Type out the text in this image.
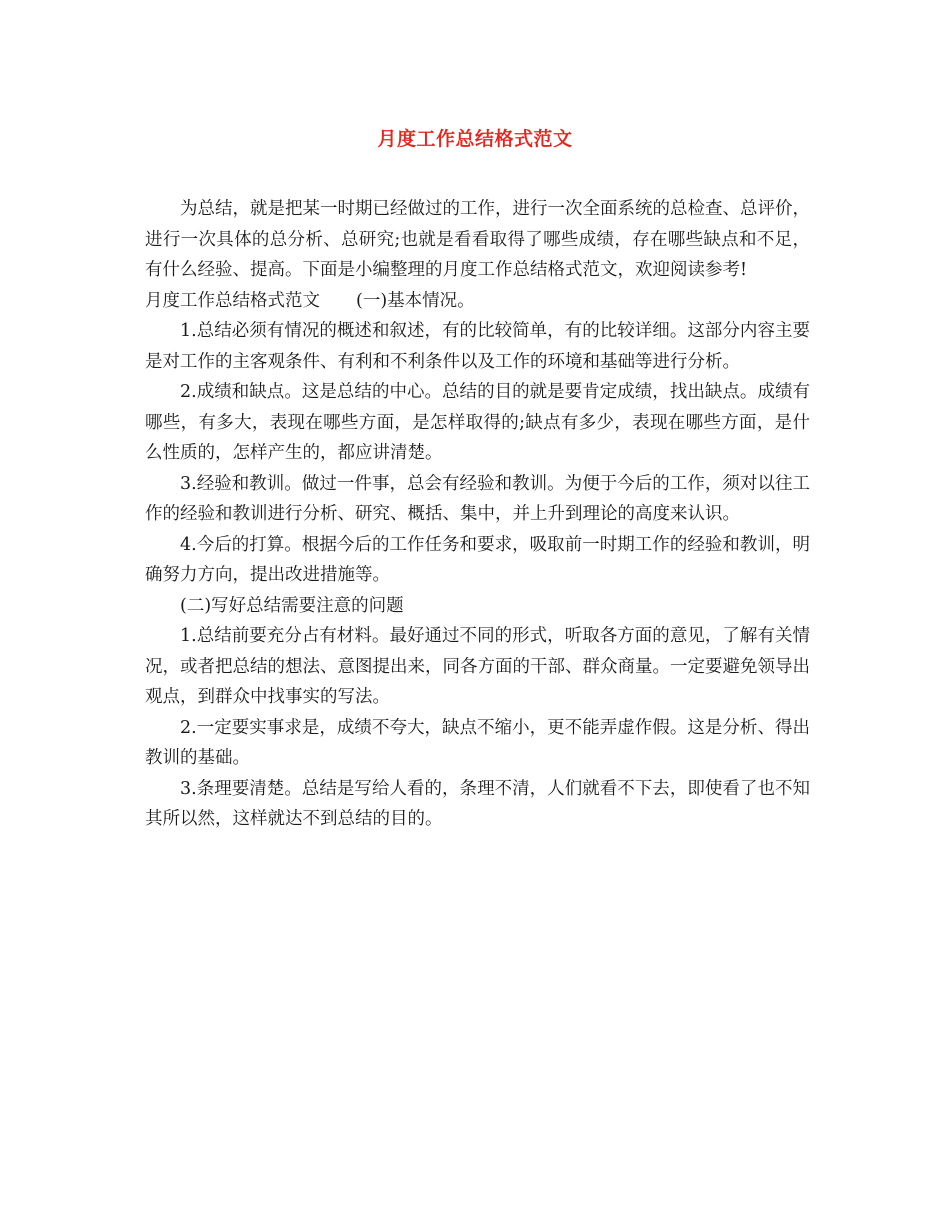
月度工作总结格式范文

为总结，就是把某一时期已经做过的工作，进行一次全面系统的总检查、总评价，进行一次具体的总分析、总研究;也就是看看取得了哪些成绩，存在哪些缺点和不足，有什么经验、提高。下面是小编整理的月度工作总结格式范文，欢迎阅读参考!

月度工作总结格式范文 (一)基本情况。

1.总结必须有情况的概述和叙述，有的比较简单，有的比较详细。这部分内容主要是对工作的主客观条件、有利和不利条件以及工作的环境和基础等进行分析。

2.成绩和缺点。这是总结的中心。总结的目的就是要肯定成绩，找出缺点。成绩有哪些，有多大，表现在哪些方面，是怎样取得的;缺点有多少，表现在哪些方面，是什么性质的，怎样产生的，都应讲清楚。

3.经验和教训。做过一件事，总会有经验和教训。为便于今后的工作，须对以往工作的经验和教训进行分析、研究、概括、集中，并上升到理论的高度来认识。

4.今后的打算。根据今后的工作任务和要求，吸取前一时期工作的经验和教训，明确努力方向，提出改进措施等。

(二)写好总结需要注意的问题

1.总结前要充分占有材料。最好通过不同的形式，听取各方面的意见，了解有关情况，或者把总结的想法、意图提出来，同各方面的干部、群众商量。一定要避免领导出观点，到群众中找事实的写法。

2.一定要实事求是，成绩不夸大，缺点不缩小，更不能弄虚作假。这是分析、得出教训的基础。

3.条理要清楚。总结是写给人看的，条理不清，人们就看不下去，即使看了也不知其所以然，这样就达不到总结的目的。
